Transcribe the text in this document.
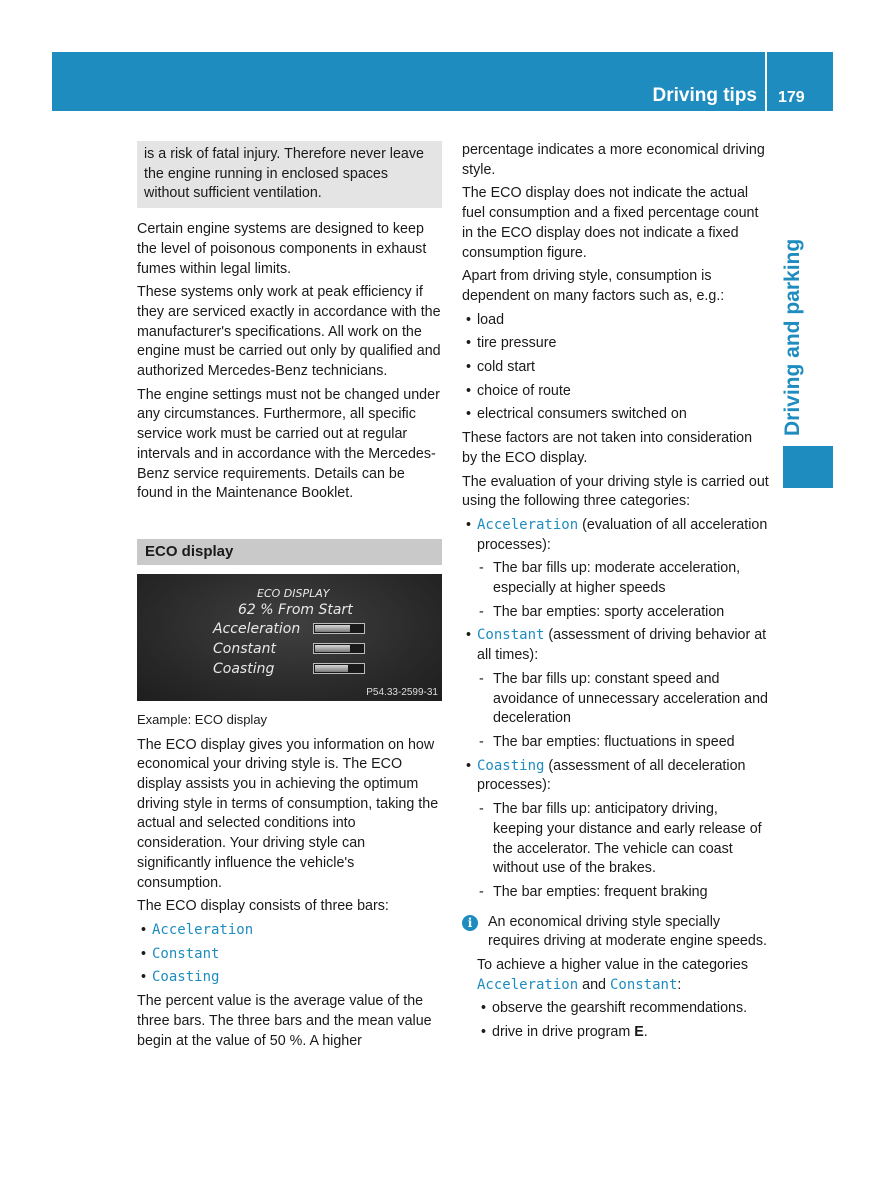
Driving tips 179
Driving and parking

is a risk of fatal injury. Therefore never leave the engine running in enclosed spaces without sufficient ventilation.

Certain engine systems are designed to keep the level of poisonous components in exhaust fumes within legal limits.

These systems only work at peak efficiency if they are serviced exactly in accordance with the manufacturer's specifications. All work on the engine must be carried out only by qualified and authorized Mercedes-Benz technicians.

The engine settings must not be changed under any circumstances. Furthermore, all specific service work must be carried out at regular intervals and in accordance with the Mercedes-Benz service requirements. Details can be found in the Maintenance Booklet.

ECO display
ECO DISPLAY
62 % From Start
Acceleration
Constant
Coasting
P54.33-2599-31

Example: ECO display

The ECO display gives you information on how economical your driving style is. The ECO display assists you in achieving the optimum driving style in terms of consumption, taking the actual and selected conditions into consideration. Your driving style can significantly influence the vehicle's consumption.

The ECO display consists of three bars:

• Acceleration
• Constant
• Coasting

The percent value is the average value of the three bars. The three bars and the mean value begin at the value of 50 %. A higher

percentage indicates a more economical driving style.

The ECO display does not indicate the actual fuel consumption and a fixed percentage count in the ECO display does not indicate a fixed consumption figure.

Apart from driving style, consumption is dependent on many factors such as, e.g.:

• load
• tire pressure
• cold start
• choice of route
• electrical consumers switched on

These factors are not taken into consideration by the ECO display.

The evaluation of your driving style is carried out using the following three categories:

• Acceleration (evaluation of all acceleration processes):
- The bar fills up: moderate acceleration, especially at higher speeds
- The bar empties: sporty acceleration
• Constant (assessment of driving behavior at all times):
- The bar fills up: constant speed and avoidance of unnecessary acceleration and deceleration
- The bar empties: fluctuations in speed
• Coasting (assessment of all deceleration processes):
- The bar fills up: anticipatory driving, keeping your distance and early release of the accelerator. The vehicle can coast without use of the brakes.
- The bar empties: frequent braking
i	An economical driving style specially requires driving at moderate engine speeds.

To achieve a higher value in the categories Acceleration and Constant:

• observe the gearshift recommendations.
• drive in drive program E.
